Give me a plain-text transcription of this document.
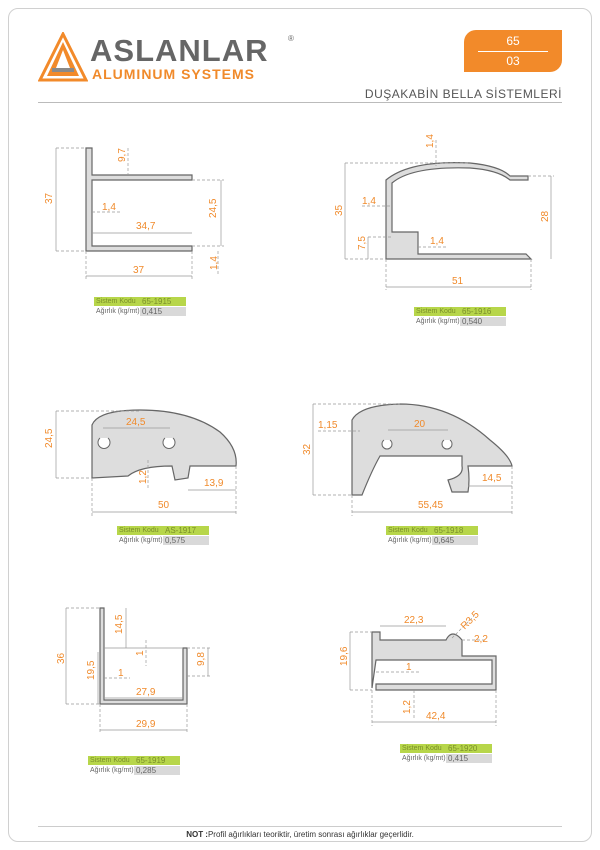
ASLANLAR ®
ALUMINUM SYSTEMS
65
03
DUŞAKABİN BELLA SİSTEMLERİ
37
9,7
1,4
34,7
24,5
37
1,4
35
1,4
1,4
28
7,5	1,4
51
24,5
24,5
1,2	13,9
50
32
1,15	20
14,5
55,45
36
14,5
1
19,5 1
9,8
27,9
29,9
19,6
22,3	R3,5
2,2
1
1,2
42,4
Sistem Kodu 65-1915
Ağırlık (kg/mt) 0,415	Sistem Kodu 65-1916
Ağırlık (kg/mt) 0,540
Sistem Kodu AS-1917
Ağırlık (kg/mt) 0,575
Sistem Kodu 65-1918
Ağırlık (kg/mt) 0,645
Sistem Kodu 65-1919
Ağırlık (kg/mt) 0,285
Sistem Kodu 65-1920
Ağırlık (kg/mt) 0,415
NOT :Profil ağırlıkları teoriktir, üretim sonrası ağırlıklar geçerlidir.
